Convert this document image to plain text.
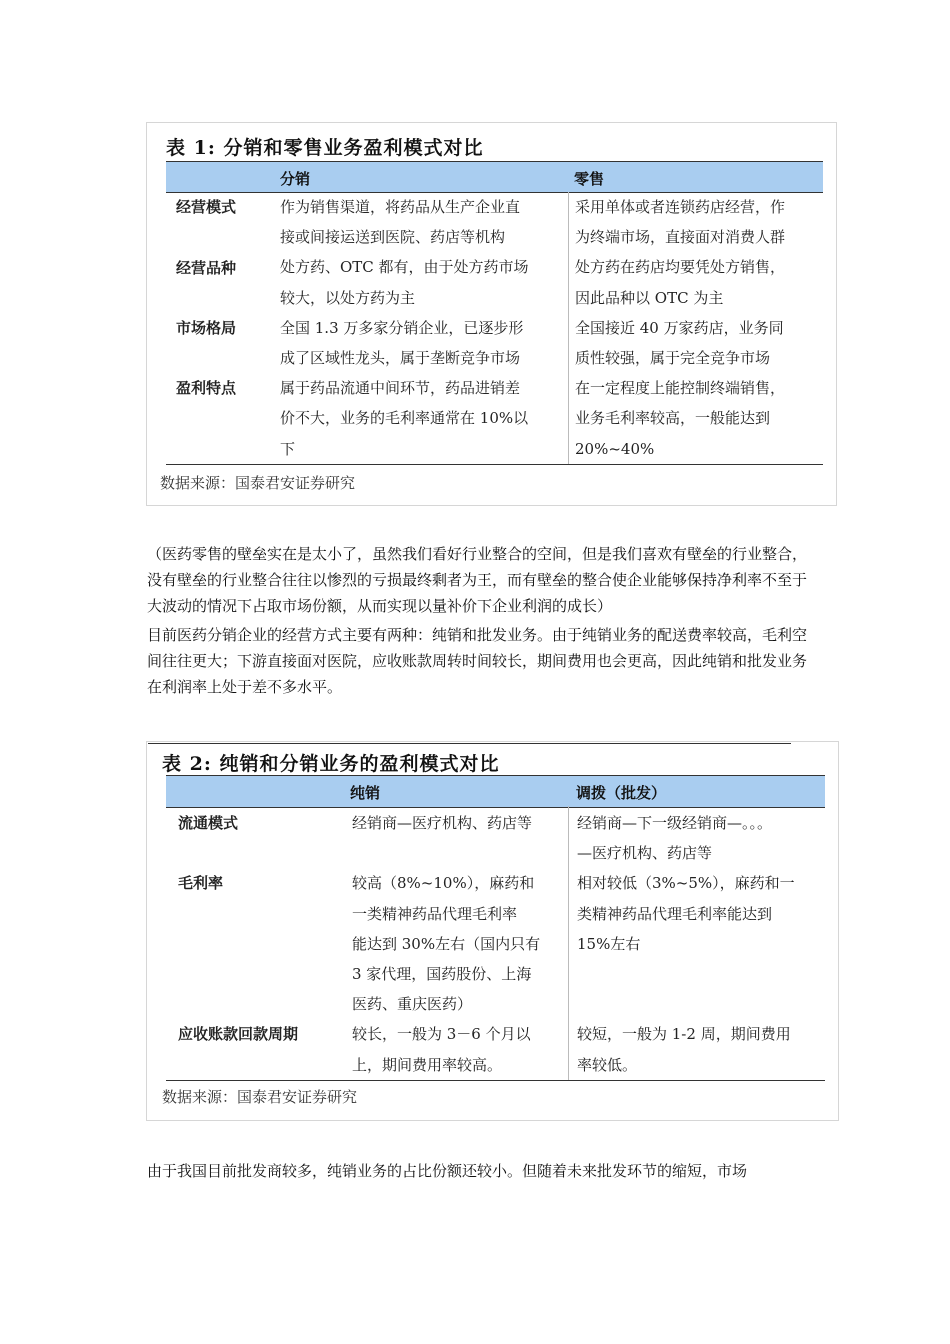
表 1: 分销和零售业务盈利模式对比
分销	零售
经营模式
经营品种
市场格局
盈利特点
作为销售渠道，将药品从生产企业直
接或间接运送到医院、药店等机构
处方药、OTC 都有，由于处方药市场
较大，以处方药为主
全国 1.3 万多家分销企业，已逐步形
成了区域性龙头，属于垄断竞争市场
属于药品流通中间环节，药品进销差
价不大，业务的毛利率通常在 10%以
下
采用单体或者连锁药店经营，作
为终端市场，直接面对消费人群
处方药在药店均要凭处方销售，
因此品种以 OTC 为主
全国接近 40 万家药店，业务同
质性较强，属于完全竞争市场
在一定程度上能控制终端销售，
业务毛利率较高，一般能达到
20%~40%
数据来源：国泰君安证券研究

（医药零售的壁垒实在是太小了，虽然我们看好行业整合的空间，但是我们喜欢有壁垒的行业整合，没有壁垒的行业整合往往以惨烈的亏损最终剩者为王，而有壁垒的整合使企业能够保持净利率不至于大波动的情况下占取市场份额，从而实现以量补价下企业利润的成长）

目前医药分销企业的经营方式主要有两种：纯销和批发业务。由于纯销业务的配送费率较高，毛利空间往往更大；下游直接面对医院，应收账款周转时间较长，期间费用也会更高，因此纯销和批发业务在利润率上处于差不多水平。

表 2: 纯销和分销业务的盈利模式对比
纯销	调拨（批发）
流通模式
毛利率
应收账款回款周期
经销商—医疗机构、药店等
较高（8%~10%），麻药和
一类精神药品代理毛利率
能达到 30%左右（国内只有
3 家代理，国药股份、上海
医药、重庆医药）
较长，一般为 3－6 个月以
上，期间费用率较高。
经销商—下一级经销商—。。。
—医疗机构、药店等
相对较低（3%~5%），麻药和一
类精神药品代理毛利率能达到
15%左右
较短，一般为 1-2 周，期间费用
率较低。
数据来源：国泰君安证券研究

由于我国目前批发商较多，纯销业务的占比份额还较小。但随着未来批发环节的缩短，市场
